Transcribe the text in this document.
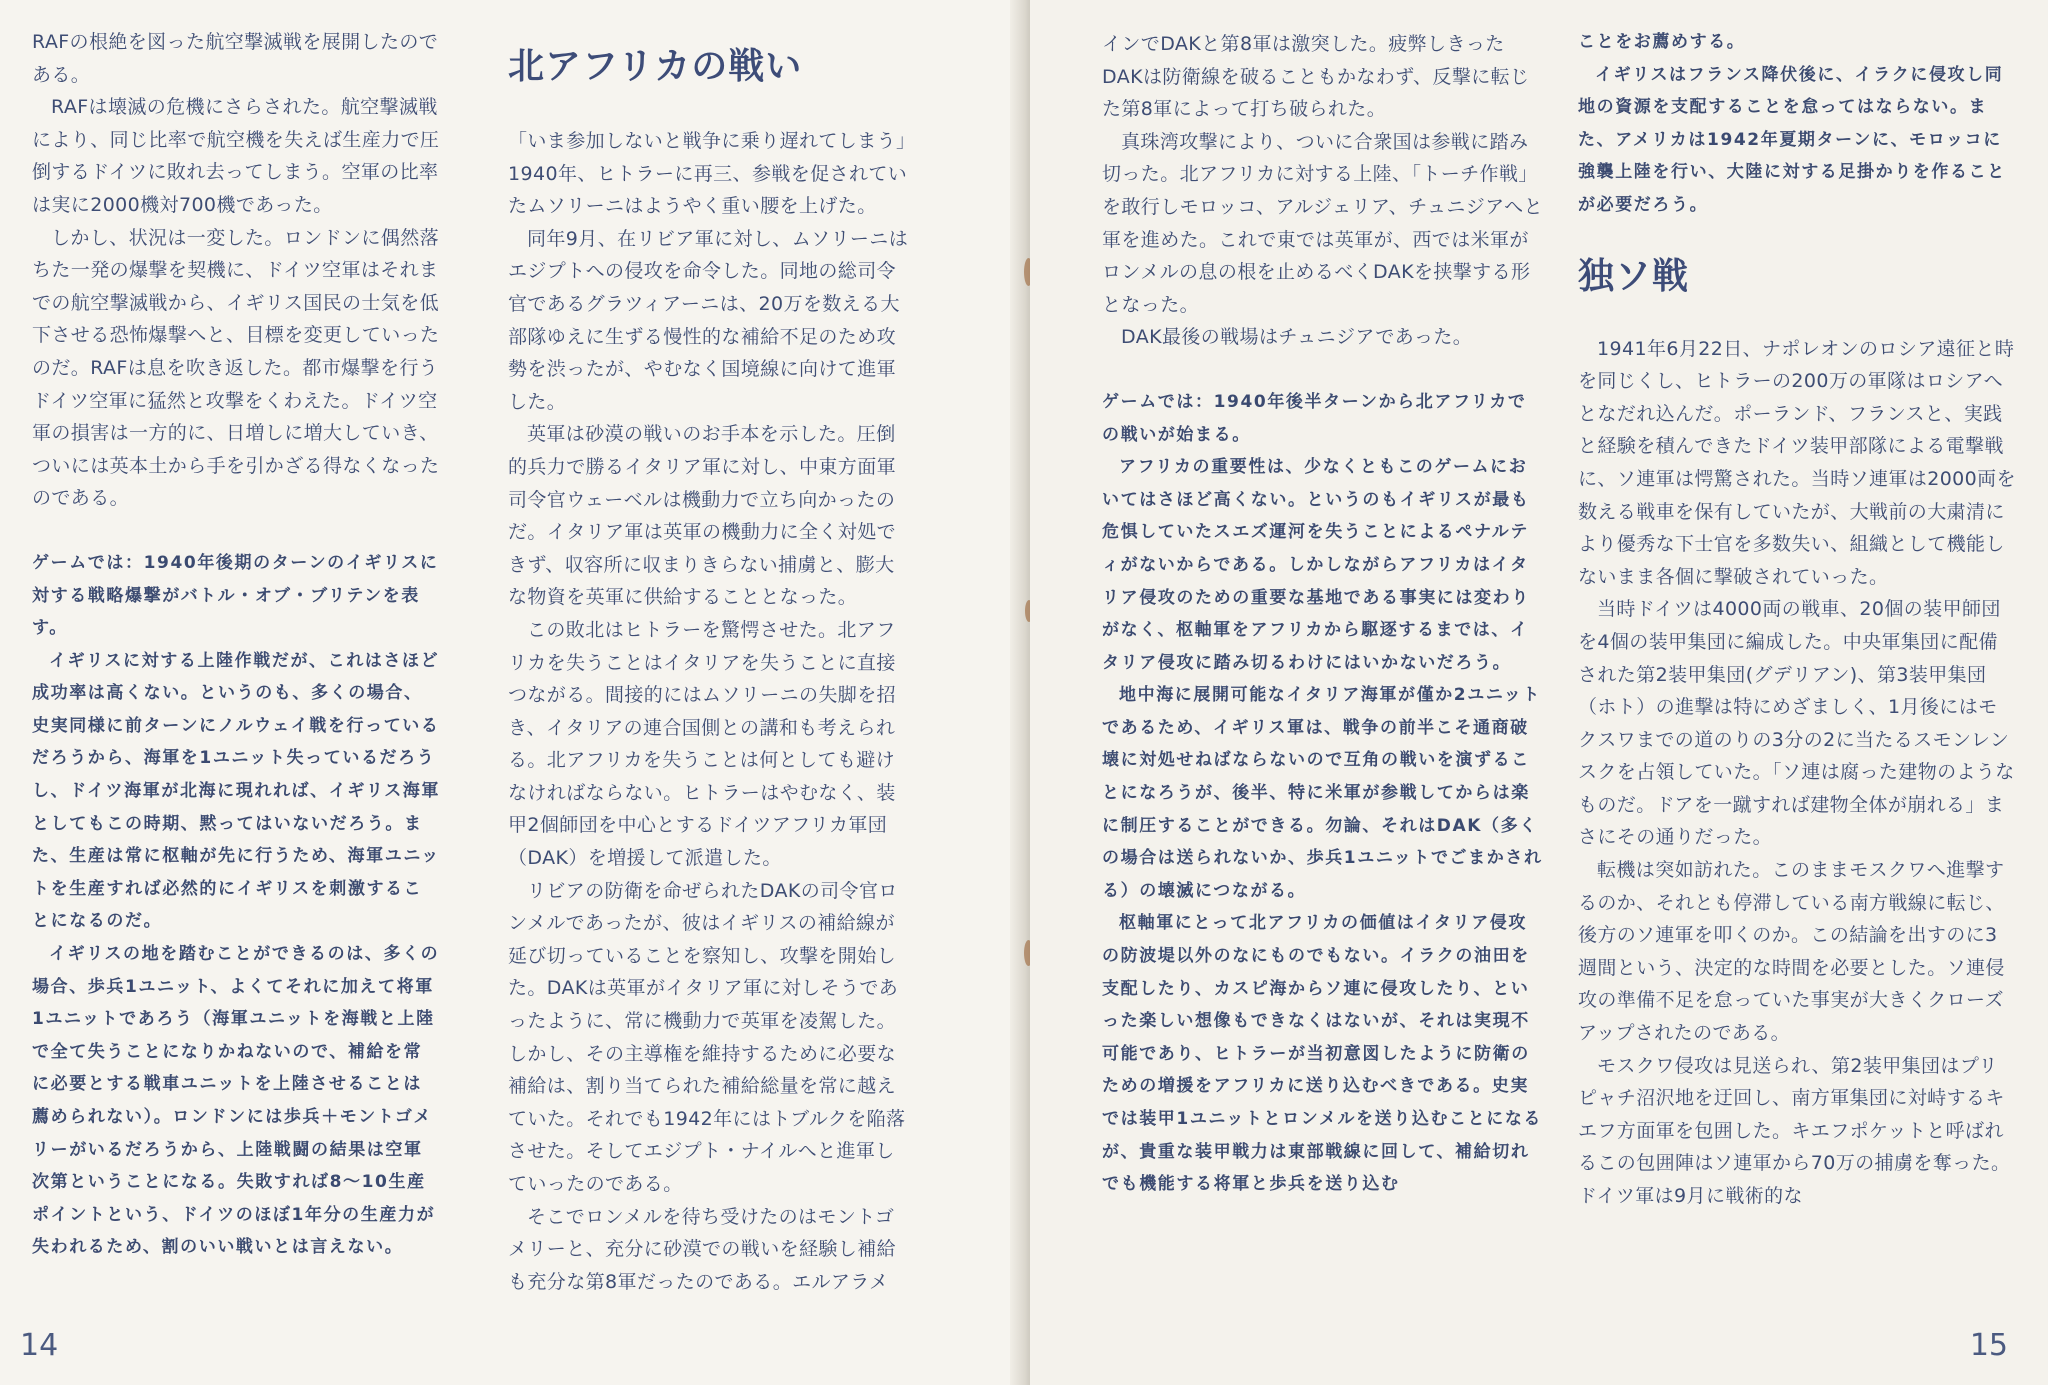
RAFの根絶を図った航空撃滅戦を展開したのである。

RAFは壊滅の危機にさらされた。航空撃滅戦により、同じ比率で航空機を失えば生産力で圧倒するドイツに敗れ去ってしまう。空軍の比率は実に2000機対700機であった。

しかし、状況は一変した。ロンドンに偶然落ちた一発の爆撃を契機に、ドイツ空軍はそれまでの航空撃滅戦から、イギリス国民の士気を低下させる恐怖爆撃へと、目標を変更していったのだ。RAFは息を吹き返した。都市爆撃を行うドイツ空軍に猛然と攻撃をくわえた。ドイツ空軍の損害は一方的に、日増しに増大していき、ついには英本土から手を引かざる得なくなったのである。

ゲームでは：1940年後期のターンのイギリスに対する戦略爆撃がバトル・オブ・ブリテンを表す。

イギリスに対する上陸作戦だが、これはさほど成功率は高くない。というのも、多くの場合、史実同様に前ターンにノルウェイ戦を行っているだろうから、海軍を1ユニット失っているだろうし、ドイツ海軍が北海に現れれば、イギリス海軍としてもこの時期、黙ってはいないだろう。また、生産は常に枢軸が先に行うため、海軍ユニットを生産すれば必然的にイギリスを刺激することになるのだ。

イギリスの地を踏むことができるのは、多くの場合、歩兵1ユニット、よくてそれに加えて将軍1ユニットであろう（海軍ユニットを海戦と上陸で全て失うことになりかねないので、補給を常に必要とする戦車ユニットを上陸させることは薦められない）。ロンドンには歩兵＋モントゴメリーがいるだろうから、上陸戦闘の結果は空軍次第ということになる。失敗すれば8～10生産ポイントという、ドイツのほぼ1年分の生産力が失われるため、割のいい戦いとは言えない。

北アフリカの戦い

「いま参加しないと戦争に乗り遅れてしまう」1940年、ヒトラーに再三、参戦を促されていたムソリーニはようやく重い腰を上げた。

同年9月、在リビア軍に対し、ムソリーニはエジプトへの侵攻を命令した。同地の総司令官であるグラツィアーニは、20万を数える大部隊ゆえに生ずる慢性的な補給不足のため攻勢を渋ったが、やむなく国境線に向けて進軍した。

英軍は砂漠の戦いのお手本を示した。圧倒的兵力で勝るイタリア軍に対し、中東方面軍司令官ウェーベルは機動力で立ち向かったのだ。イタリア軍は英軍の機動力に全く対処できず、収容所に収まりきらない捕虜と、膨大な物資を英軍に供給することとなった。

この敗北はヒトラーを驚愕させた。北アフリカを失うことはイタリアを失うことに直接つながる。間接的にはムソリーニの失脚を招き、イタリアの連合国側との講和も考えられる。北アフリカを失うことは何としても避けなければならない。ヒトラーはやむなく、装甲2個師団を中心とするドイツアフリカ軍団（DAK）を増援して派遣した。

リビアの防衛を命ぜられたDAKの司令官ロンメルであったが、彼はイギリスの補給線が延び切っていることを察知し、攻撃を開始した。DAKは英軍がイタリア軍に対しそうであったように、常に機動力で英軍を凌駕した。しかし、その主導権を維持するために必要な補給は、割り当てられた補給総量を常に越えていた。それでも1942年にはトブルクを陥落させた。そしてエジプト・ナイルへと進軍していったのである。

そこでロンメルを待ち受けたのはモントゴメリーと、充分に砂漠での戦いを経験し補給も充分な第8軍だったのである。エルアラメ

14

インでDAKと第8軍は激突した。疲弊しきったDAKは防衛線を破ることもかなわず、反撃に転じた第8軍によって打ち破られた。

真珠湾攻撃により、ついに合衆国は参戦に踏み切った。北アフリカに対する上陸、「トーチ作戦」を敢行しモロッコ、アルジェリア、チュニジアへと軍を進めた。これで東では英軍が、西では米軍がロンメルの息の根を止めるべくDAKを挟撃する形となった。

DAK最後の戦場はチュニジアであった。

ゲームでは：1940年後半ターンから北アフリカでの戦いが始まる。

アフリカの重要性は、少なくともこのゲームにおいてはさほど高くない。というのもイギリスが最も危惧していたスエズ運河を失うことによるペナルティがないからである。しかしながらアフリカはイタリア侵攻のための重要な基地である事実には変わりがなく、枢軸軍をアフリカから駆逐するまでは、イタリア侵攻に踏み切るわけにはいかないだろう。

地中海に展開可能なイタリア海軍が僅か2ユニットであるため、イギリス軍は、戦争の前半こそ通商破壊に対処せねばならないので互角の戦いを演ずることになろうが、後半、特に米軍が参戦してからは楽に制圧することができる。勿論、それはDAK（多くの場合は送られないか、歩兵1ユニットでごまかされる）の壊滅につながる。

枢軸軍にとって北アフリカの価値はイタリア侵攻の防波堤以外のなにものでもない。イラクの油田を支配したり、カスピ海からソ連に侵攻したり、といった楽しい想像もできなくはないが、それは実現不可能であり、ヒトラーが当初意図したように防衛のための増援をアフリカに送り込むべきである。史実では装甲1ユニットとロンメルを送り込むことになるが、貴重な装甲戦力は東部戦線に回して、補給切れでも機能する将軍と歩兵を送り込む

ことをお薦めする。

イギリスはフランス降伏後に、イラクに侵攻し同地の資源を支配することを怠ってはならない。また、アメリカは1942年夏期ターンに、モロッコに強襲上陸を行い、大陸に対する足掛かりを作ることが必要だろう。

独ソ戦

1941年6月22日、ナポレオンのロシア遠征と時を同じくし、ヒトラーの200万の軍隊はロシアへとなだれ込んだ。ポーランド、フランスと、実践と経験を積んできたドイツ装甲部隊による電撃戦に、ソ連軍は愕驚された。当時ソ連軍は2000両を数える戦車を保有していたが、大戦前の大粛清により優秀な下士官を多数失い、組織として機能しないまま各個に撃破されていった。

当時ドイツは4000両の戦車、20個の装甲師団を4個の装甲集団に編成した。中央軍集団に配備された第2装甲集団(グデリアン)、第3装甲集団（ホト）の進撃は特にめざましく、1月後にはモクスワまでの道のりの3分の2に当たるスモンレンスクを占領していた。「ソ連は腐った建物のようなものだ。ドアを一蹴すれば建物全体が崩れる」まさにその通りだった。

転機は突如訪れた。このままモスクワへ進撃するのか、それとも停滞している南方戦線に転じ、後方のソ連軍を叩くのか。この結論を出すのに3週間という、決定的な時間を必要とした。ソ連侵攻の準備不足を怠っていた事実が大きくクローズアップされたのである。

モスクワ侵攻は見送られ、第2装甲集団はプリピャチ沼沢地を迂回し、南方軍集団に対峙するキエフ方面軍を包囲した。キエフポケットと呼ばれるこの包囲陣はソ連軍から70万の捕虜を奪った。ドイツ軍は9月に戦術的な

15
